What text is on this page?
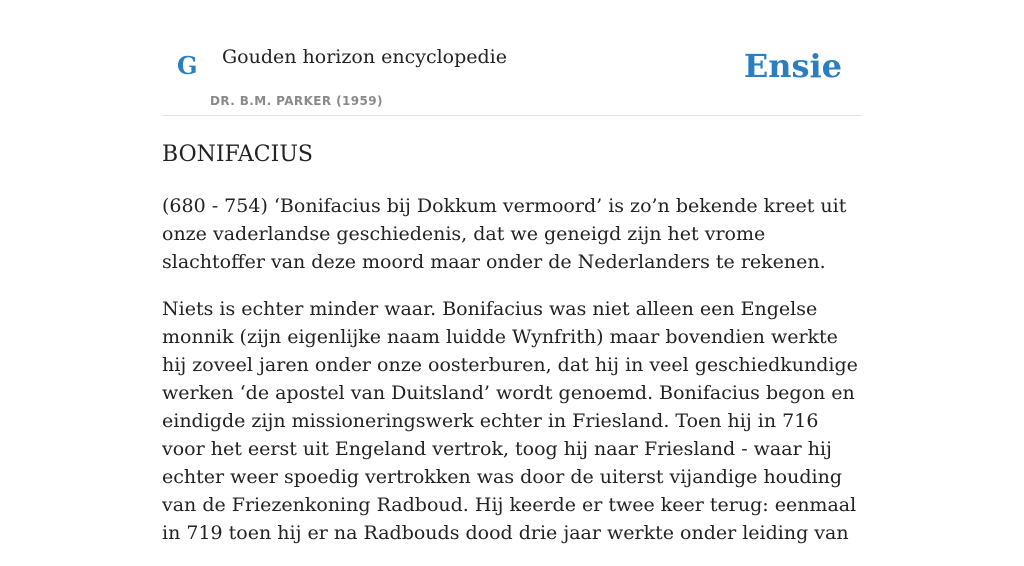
G Gouden horizon encyclopedie
DR. B.M. PARKER (1959)
Ensie
BONIFACIUS

(680 - 754) ‘Bonifacius bij Dokkum vermoord’ is zo’n bekende kreet uit onze vaderlandse geschiedenis, dat we geneigd zijn het vrome slachtoffer van deze moord maar onder de Nederlanders te rekenen.

Niets is echter minder waar. Bonifacius was niet alleen een Engelse monnik (zijn eigenlijke naam luidde Wynfrith) maar bovendien werkte hij zoveel jaren onder onze oosterburen, dat hij in veel geschiedkundige werken ‘de apostel van Duitsland’ wordt genoemd. Bonifacius begon en eindigde zijn missioneringswerk echter in Friesland. Toen hij in 716 voor het eerst uit Engeland vertrok, toog hij naar Friesland - waar hij echter weer spoedig vertrokken was door de uiterst vijandige houding van de Friezenkoning Radboud. Hij keerde er twee keer terug: eenmaal in 719 toen hij er na Radbouds dood drie jaar werkte onder leiding van
